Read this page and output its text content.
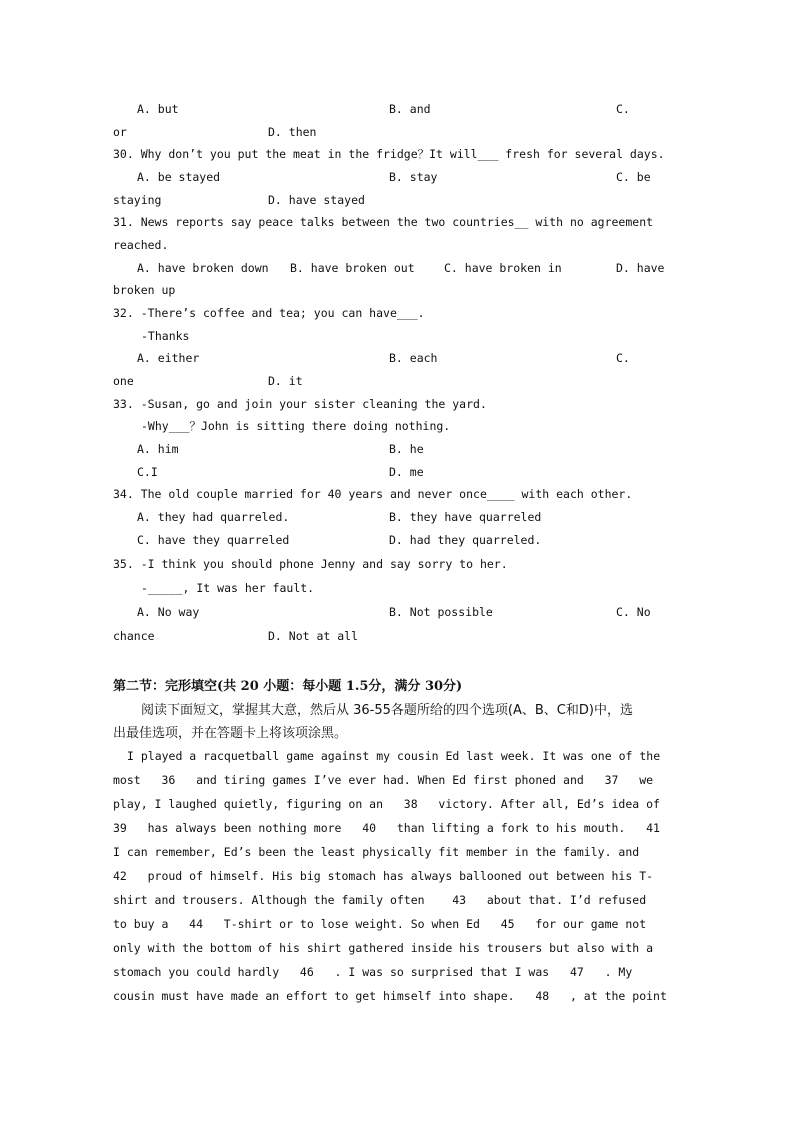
A. but	B. and	C.
or	D. then
30. Why don’t you put the meat in the fridge？It will___ fresh for several days.
A. be stayed	B. stay	C. be
staying	D. have stayed
31. News reports say peace talks between the two countries__ with no agreement
reached.
A. have broken down B. have broken out	C. have broken in	D. have
broken up
32. -There’s coffee and tea; you can have___.
-Thanks
A. either	B. each	C.
one	D. it
33. -Susan, go and join your sister cleaning the yard.
-Why___？John is sitting there doing nothing.
A. him	B. he
C.I	D. me
34. The old couple married for 40 years and never once____ with each other.
A. they had quarreled.	B. they have quarreled
C. have they quarreled	D. had they quarreled.
35. -I think you should phone Jenny and say sorry to her.
-_____, It was her fault.
A. No way	B. Not possible	C. No
chance	D. Not at all
第二节：完形填空(共 20 小题：每小题 1.5分，满分 30分)
阅读下面短文，掌握其大意，然后从 36-55各题所给的四个选项(A、B、C和D)中，选
出最佳选项，并在答题卡上将该项涂黑。
I played a racquetball game against my cousin Ed last week. It was one of the
most   36   and tiring games I’ve ever had. When Ed first phoned and   37   we
play, I laughed quietly, figuring on an   38   victory. After all, Ed’s idea of
39   has always been nothing more   40   than lifting a fork to his mouth.   41
I can remember, Ed’s been the least physically fit member in the family. and
42   proud of himself. His big stomach has always ballooned out between his T-
shirt and trousers. Although the family often    43   about that. I’d refused
to buy a   44   T-shirt or to lose weight. So when Ed   45   for our game not
only with the bottom of his shirt gathered inside his trousers but also with a
stomach you could hardly   46   . I was so surprised that I was   47   . My
cousin must have made an effort to get himself into shape.   48   , at the point
